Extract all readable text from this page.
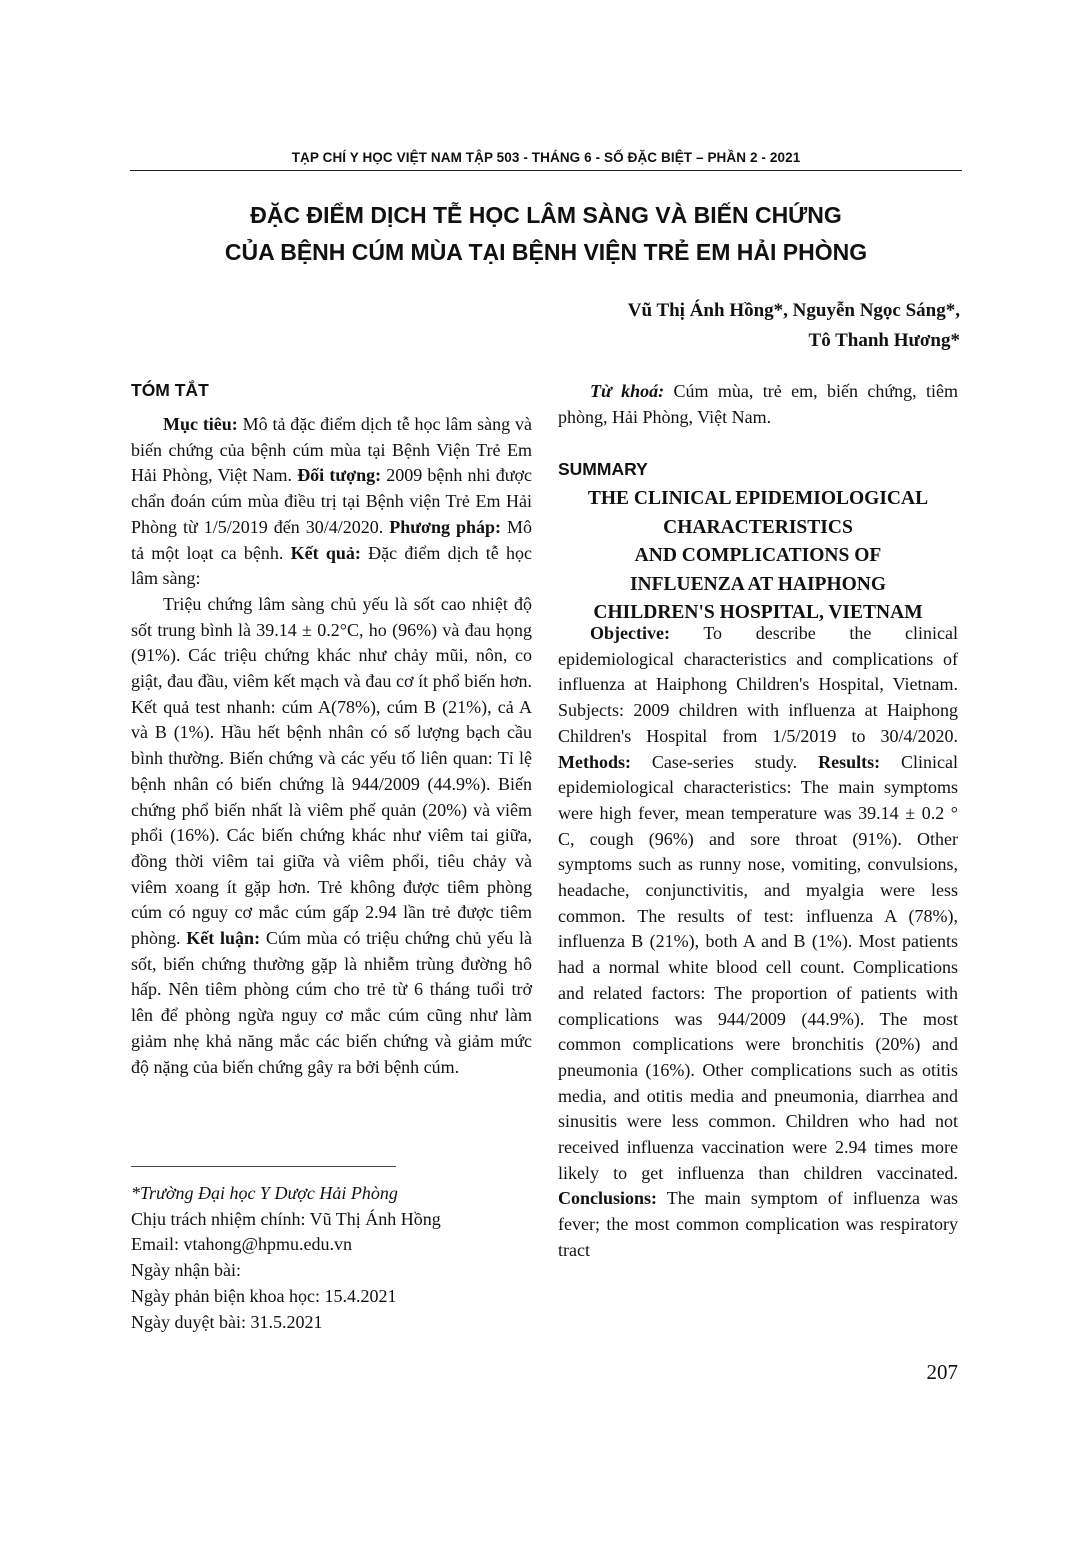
TẠP CHÍ Y HỌC VIỆT NAM TẬP 503 - THÁNG 6 - SỐ ĐẶC BIỆT – PHẦN 2 - 2021
ĐẶC ĐIỂM DỊCH TỄ HỌC LÂM SÀNG VÀ BIẾN CHỨNG
CỦA BỆNH CÚM MÙA TẠI BỆNH VIỆN TRẺ EM HẢI PHÒNG
Vũ Thị Ánh Hồng*, Nguyễn Ngọc Sáng*,
Tô Thanh Hương*
TÓM TẮT

Mục tiêu: Mô tả đặc điểm dịch tễ học lâm sàng và biến chứng của bệnh cúm mùa tại Bệnh Viện Trẻ Em Hải Phòng, Việt Nam. Đối tượng: 2009 bệnh nhi được chẩn đoán cúm mùa điều trị tại Bệnh viện Trẻ Em Hải Phòng từ 1/5/2019 đến 30/4/2020. Phương pháp: Mô tả một loạt ca bệnh. Kết quả: Đặc điểm dịch tễ học lâm sàng:

Triệu chứng lâm sàng chủ yếu là sốt cao nhiệt độ sốt trung bình là 39.14 ± 0.2°C, ho (96%) và đau họng (91%). Các triệu chứng khác như chảy mũi, nôn, co giật, đau đầu, viêm kết mạch và đau cơ ít phổ biến hơn. Kết quả test nhanh: cúm A(78%), cúm B (21%), cả A và B (1%). Hầu hết bệnh nhân có số lượng bạch cầu bình thường. Biến chứng và các yếu tố liên quan: Tỉ lệ bệnh nhân có biến chứng là 944/2009 (44.9%). Biến chứng phổ biến nhất là viêm phế quản (20%) và viêm phổi (16%). Các biến chứng khác như viêm tai giữa, đồng thời viêm tai giữa và viêm phổi, tiêu chảy và viêm xoang ít gặp hơn. Trẻ không được tiêm phòng cúm có nguy cơ mắc cúm gấp 2.94 lần trẻ được tiêm phòng. Kết luận: Cúm mùa có triệu chứng chủ yếu là sốt, biến chứng thường gặp là nhiễm trùng đường hô hấp. Nên tiêm phòng cúm cho trẻ từ 6 tháng tuổi trở lên để phòng ngừa nguy cơ mắc cúm cũng như làm giảm nhẹ khả năng mắc các biến chứng và giảm mức độ nặng của biến chứng gây ra bởi bệnh cúm.

*Trường Đại học Y Dược Hải Phòng
Chịu trách nhiệm chính: Vũ Thị Ánh Hồng
Email: vtahong@hpmu.edu.vn
Ngày nhận bài:
Ngày phản biện khoa học: 15.4.2021
Ngày duyệt bài: 31.5.2021

Từ khoá: Cúm mùa, trẻ em, biến chứng, tiêm phòng, Hải Phòng, Việt Nam.

SUMMARY
THE CLINICAL EPIDEMIOLOGICAL
CHARACTERISTICS
AND COMPLICATIONS OF
INFLUENZA AT HAIPHONG
CHILDREN'S HOSPITAL, VIETNAM

Objective: To describe the clinical epidemiological characteristics and complications of influenza at Haiphong Children's Hospital, Vietnam. Subjects: 2009 children with influenza at Haiphong Children's Hospital from 1/5/2019 to 30/4/2020. Methods: Case-series study. Results: Clinical epidemiological characteristics: The main symptoms were high fever, mean temperature was 39.14 ± 0.2 ° C, cough (96%) and sore throat (91%). Other symptoms such as runny nose, vomiting, convulsions, headache, conjunctivitis, and myalgia were less common. The results of test: influenza A (78%), influenza B (21%), both A and B (1%). Most patients had a normal white blood cell count. Complications and related factors: The proportion of patients with complications was 944/2009 (44.9%). The most common complications were bronchitis (20%) and pneumonia (16%). Other complications such as otitis media, and otitis media and pneumonia, diarrhea and sinusitis were less common. Children who had not received influenza vaccination were 2.94 times more likely to get influenza than children vaccinated. Conclusions: The main symptom of influenza was fever; the most common complication was respiratory tract

207
